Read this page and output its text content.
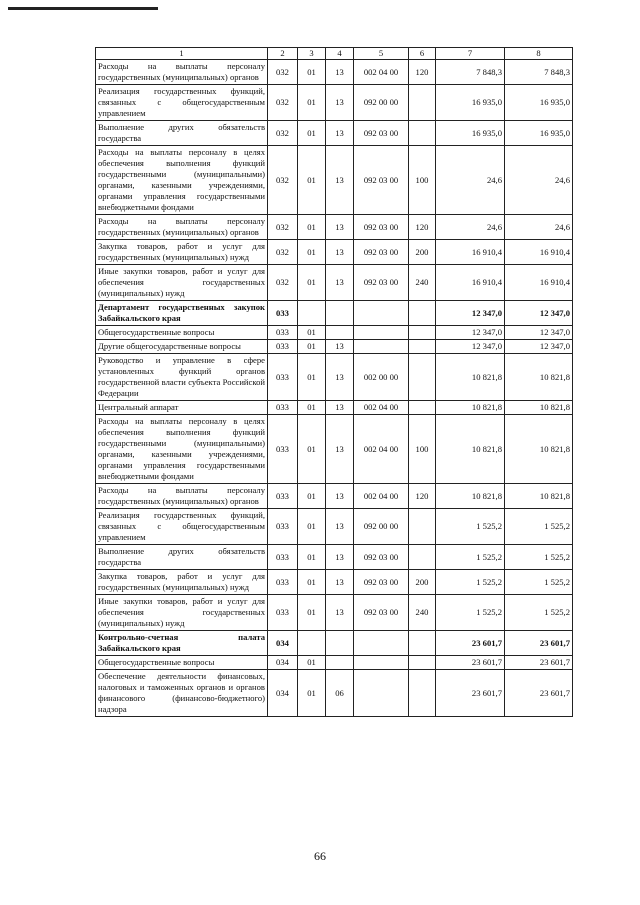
1	2	3	4	5	6	7	8
Расходы на выплаты персоналу государственных (муниципальных) органов	032	01	13	002 04 00	120	7 848,3	7 848,3
Реализация государственных функций, связанных с общегосударственным управлением	032	01	13	092 00 00		16 935,0	16 935,0
Выполнение других обязательств государства	032	01	13	092 03 00		16 935,0	16 935,0
Расходы на выплаты персоналу в целях обеспечения выполнения функций государственными (муниципальными) органами, казенными учреждениями, органами управления государственными внебюджетными фондами	032	01	13	092 03 00	100	24,6	24,6
Расходы на выплаты персоналу государственных (муниципальных) органов	032	01	13	092 03 00	120	24,6	24,6
Закупка товаров, работ и услуг для государственных (муниципальных) нужд	032	01	13	092 03 00	200	16 910,4	16 910,4
Иные закупки товаров, работ и услуг для обеспечения государственных (муниципальных) нужд	032	01	13	092 03 00	240	16 910,4	16 910,4
Департамент государственных закупок Забайкальского края	033					12 347,0	12 347,0
Общегосударственные вопросы	033	01				12 347,0	12 347,0
Другие общегосударственные вопросы	033	01	13			12 347,0	12 347,0
Руководство и управление в сфере установленных функций органов государственной власти субъекта Российской Федерации	033	01	13	002 00 00		10 821,8	10 821,8
Центральный аппарат	033	01	13	002 04 00		10 821,8	10 821,8
Расходы на выплаты персоналу в целях обеспечения выполнения функций государственными (муниципальными) органами, казенными учреждениями, органами управления государственными внебюджетными фондами	033	01	13	002 04 00	100	10 821,8	10 821,8
Расходы на выплаты персоналу государственных (муниципальных) органов	033	01	13	002 04 00	120	10 821,8	10 821,8
Реализация государственных функций, связанных с общегосударственным управлением	033	01	13	092 00 00		1 525,2	1 525,2
Выполнение других обязательств государства	033	01	13	092 03 00		1 525,2	1 525,2
Закупка товаров, работ и услуг для государственных (муниципальных) нужд	033	01	13	092 03 00	200	1 525,2	1 525,2
Иные закупки товаров, работ и услуг для обеспечения государственных (муниципальных) нужд	033	01	13	092 03 00	240	1 525,2	1 525,2
Контрольно-счетная палата Забайкальского края	034					23 601,7	23 601,7
Общегосударственные вопросы	034	01				23 601,7	23 601,7
Обеспечение деятельности финансовых, налоговых и таможенных органов и органов финансового (финансово-бюджетного) надзора	034	01	06			23 601,7	23 601,7
66
